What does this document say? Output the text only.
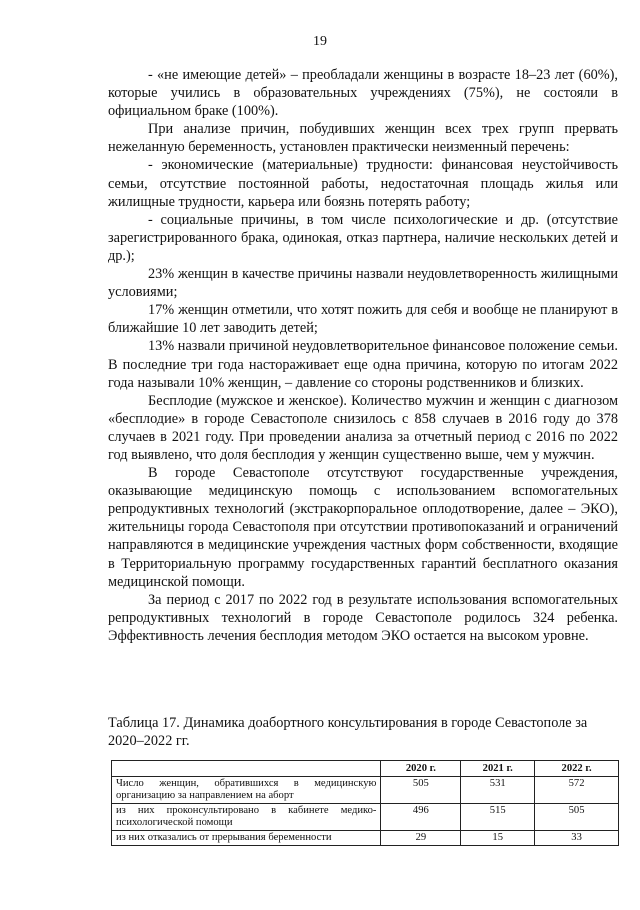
19

- «не имеющие детей» – преобладали женщины в возрасте 18–23 лет (60%), которые учились в образовательных учреждениях (75%), не состояли в официальном браке (100%).

При анализе причин, побудивших женщин всех трех групп прервать нежеланную беременность, установлен практически неизменный перечень:

- экономические (материальные) трудности: финансовая неустойчивость семьи, отсутствие постоянной работы, недостаточная площадь жилья или жилищные трудности, карьера или боязнь потерять работу;

- социальные причины, в том числе психологические и др. (отсутствие зарегистрированного брака, одинокая, отказ партнера, наличие нескольких детей и др.);

23% женщин в качестве причины назвали неудовлетворенность жилищными условиями;

17% женщин отметили, что хотят пожить для себя и вообще не планируют в ближайшие 10 лет заводить детей;

13% назвали причиной неудовлетворительное финансовое положение семьи. В последние три года настораживает еще одна причина, которую по итогам 2022 года называли 10% женщин, – давление со стороны родственников и близких.

Бесплодие (мужское и женское). Количество мужчин и женщин с диагнозом «бесплодие» в городе Севастополе снизилось с 858 случаев в 2016 году до 378 случаев в 2021 году. При проведении анализа за отчетный период с 2016 по 2022 год выявлено, что доля бесплодия у женщин существенно выше, чем у мужчин.

В городе Севастополе отсутствуют государственные учреждения, оказывающие медицинскую помощь с использованием вспомогательных репродуктивных технологий (экстракорпоральное оплодотворение, далее – ЭКО), жительницы города Севастополя при отсутствии противопоказаний и ограничений направляются в медицинские учреждения частных форм собственности, входящие в Территориальную программу государственных гарантий бесплатного оказания медицинской помощи.

За период с 2017 по 2022 год в результате использования вспомогательных репродуктивных технологий в городе Севастополе родилось 324 ребенка. Эффективность лечения бесплодия методом ЭКО остается на высоком уровне.

Таблица 17. Динамика доабортного консультирования в городе Севастополе за 2020–2022 гг.

	2020 г.	2021 г.	2022 г.
Число женщин, обратившихся в медицинскую организацию за направлением на аборт	505	531	572
из них проконсультировано в кабинете медико-психологической помощи	496	515	505
из них отказались от прерывания беременности	29	15	33
